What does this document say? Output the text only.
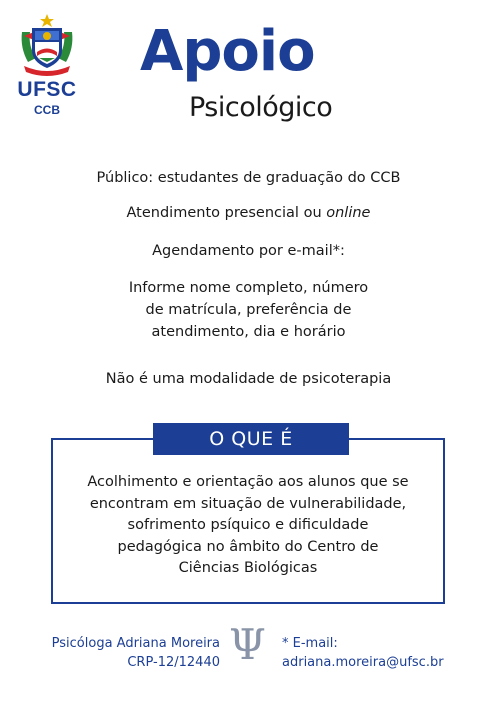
UFSC
CCB
Apoio
Psicológico
Público: estudantes de graduação do CCB
Atendimento presencial ou online
Agendamento por e-mail*:
Informe nome completo, número
de matrícula, preferência de
atendimento, dia e horário
Não é uma modalidade de psicoterapia
O QUE É
Acolhimento e orientação aos alunos que se
encontram em situação de vulnerabilidade,
sofrimento psíquico e dificuldade
pedagógica no âmbito do Centro de
Ciências Biológicas
Psicóloga Adriana Moreira
CRP-12/12440 Ψ * E-mail:
adriana.moreira@ufsc.br
